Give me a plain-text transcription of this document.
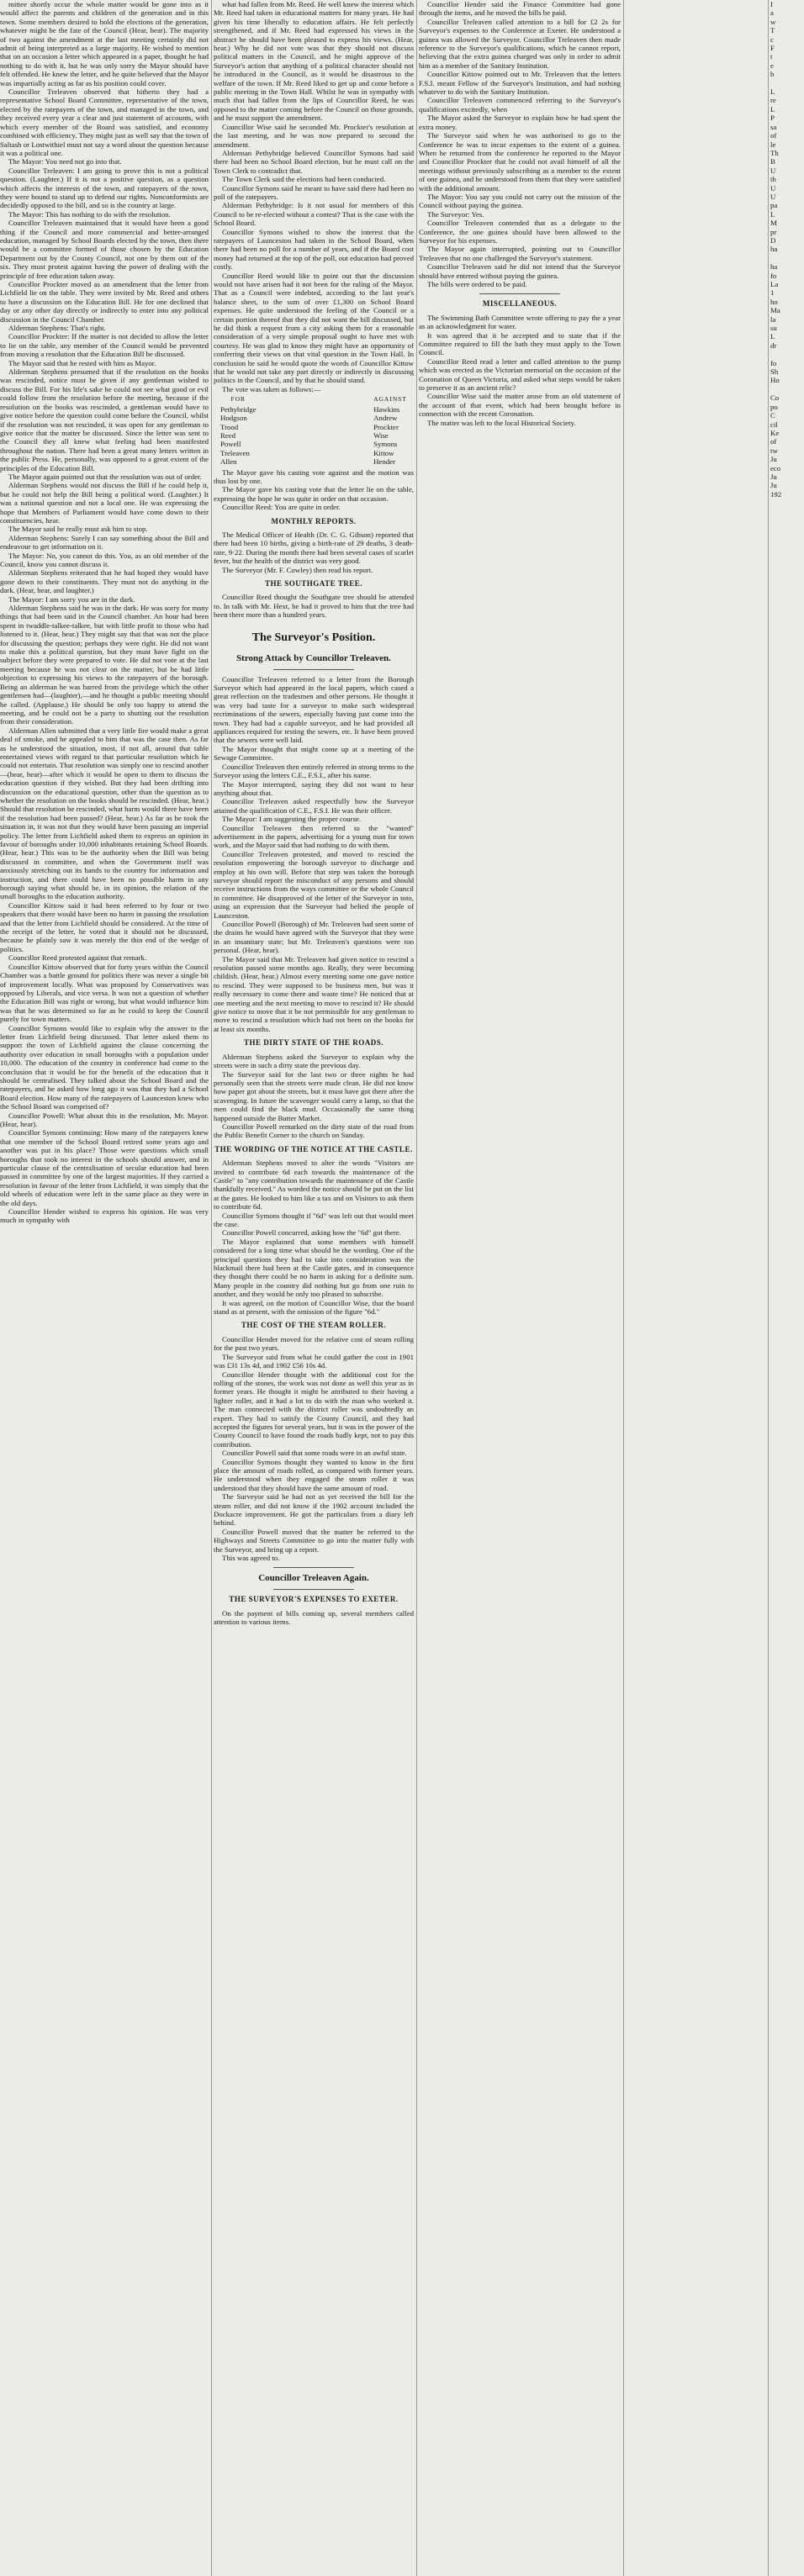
mittee shortly occur the whole matter would be gone into as it would affect the parents and children of the generation and in this town. Some members desired to hold the elections of the generation, whatever might be the fate of the Council (Hear, hear). The majority of two against the amendment at the last meeting certainly did not admit of being interpreted as a large majority. He wished to mention that on an occasion a letter which appeared in a paper, thought he had nothing to do with it, but he was only sorry the Mayor should have felt offended. He knew the letter, and he quite believed that the Mayor was impartially acting as far as his position could cover.

Councillor Treleaven observed that hitherto they had a representative School Board Committee, representative of the town, elected by the ratepayers of the town, and managed in the town, and they received every year a clear and just statement of accounts, with which every member of the Board was satisfied, and economy combined with efficiency. They might just as well say that the town of Saltash or Lostwithiel must not say a word about the question because it was a political one.

The Mayor: You need not go into that.

Councillor Treleaven: I am going to prove this is not a political question. (Laughter.) If it is not a positive question, as a question which affects the interests of the town, and ratepayers of the town, they were bound to stand up to defend our rights. Nonconformists are decidedly opposed to the bill, and so is the country at large.

The Mayor: This has nothing to do with the resolution.

Councillor Treleaven maintained that it would have been a good thing if the Council and more commercial and better-arranged education, managed by School Boards elected by the town, then there would be a committee formed of those chosen by the Education Department out by the County Council, not one by them out of the six. They must protest against having the power of dealing with the principle of free education taken away.

Councillor Prockter moved as an amendment that the letter from Lichfield lie on the table. They were invited by Mr. Reed and others to have a discussion on the Education Bill. He for one declined that day or any other day directly or indirectly to enter into any political discussion in the Council Chamber.

Alderman Stephens: That's right.

Councillor Prockter: If the matter is not decided to allow the letter to lie on the table, any member of the Council would be prevented from moving a resolution that the Education Bill be discussed.

The Mayor said that he rested with him as Mayor.

Alderman Stephens presumed that if the resolution on the books was rescinded, notice must be given if any gentleman wished to discuss the Bill. For his life's sake he could not see what good or evil could follow from the resolution before the meeting, because if the resolution on the books was rescinded, a gentleman would have to give notice before the question could come before the Council, whilst if the resolution was not rescinded, it was open for any gentleman to give notice that the matter be discussed. Since the letter was sent to the Council they all knew what feeling had been manifested throughout the nation. There had been a great many letters written in the public Press. He, personally, was opposed to a great extent of the principles of the Education Bill.

The Mayor again pointed out that the resolution was out of order.

Alderman Stephens would not discuss the Bill if he could help it, but he could not help the Bill being a political word. (Laughter.) It was a national question and not a local one. He was expressing the hope that Members of Parliament would have come down to their constituencies, hear.

The Mayor said he really must ask him to stop.

Alderman Stephens: Surely I can say something about the Bill and endeavour to get information on it.

The Mayor: No, you cannot do this. You, as an old member of the Council, know you cannot discuss it.

Alderman Stephens reiterated that he had hoped they would have gone down to their constituents. They must not do anything in the dark. (Hear, hear, and laughter.)

The Mayor: I am sorry you are in the dark.

Alderman Stephens said he was in the dark. He was sorry for many things that had been said in the Council chamber. An hour had been spent in twaddle-talkee-talkee, but with little profit to those who had listened to it. (Hear, hear.) They might say that that was not the place for discussing the question; perhaps they were right. He did not want to make this a political question, but they must have fight on the subject before they were prepared to vote. He did not vote at the last meeting because he was not clear on the matter, but he had little objection to expressing his views to the ratepayers of the borough. Being an alderman he was barred from the privilege which the other gentlemen had—(laughter),—and he thought a public meeting should be called. (Applause.) He should be only too happy to attend the meeting, and he could not be a party to shutting out the resolution from their consideration.

Alderman Allen submitted that a very little fire would make a great deal of smoke, and he appealed to him that was the case then. As far as he understood the situation, most, if not all, around that table entertained views with regard to that particular resolution which he could not entertain. That resolution was simply one to rescind another—(hear, hear)—after which it would be open to them to discuss the education question if they wished. But they had been drifting into discussion on the educational question, other than the question as to whether the resolution on the books should be rescinded. (Hear, hear.) Should that resolution be rescinded, what harm would there have been if the resolution had been passed? (Hear, hear.) As far as he took the situation in, it was not that they would have been passing an imperial policy. The letter from Lichfield asked them to express an opinion in favour of boroughs under 10,000 inhabitants retaining School Boards. (Hear, hear.) This was to be the authority when the Bill was being discussed in committee, and when the Government itself was anxiously stretching out its hands to the country for information and instruction, and there could have been no possible harm in any borough saying what should be, in its opinion, the relation of the small boroughs to the education authority.

Councillor Kittow said it had been referred to by four or two speakers that there would have been no harm in passing the resolution and that the letter from Lichfield should be considered. At the time of the receipt of the letter, he voted that it should not be discussed, because he plainly saw it was merely the thin end of the wedge of politics.

Councillor Reed protested against that remark.

Councillor Kittow observed that for forty years within the Council Chamber was a battle ground for politics there was never a single bit of improvement locally. What was proposed by Conservatives was opposed by Liberals, and vice versa. It was not a question of whether the Education Bill was right or wrong, but what would influence him was that he was determined so far as he could to keep the Council purely for town matters.

Councillor Symons would like to explain why the answer to the letter from Lichfield being discussed. That letter asked them to support the town of Lichfield against the clause concerning the authority over education in small boroughs with a population under 10,000. The education of the country in conference had come to the conclusion that it would be for the benefit of the education that it should be centralised. They talked about the School Board and the ratepayers, and he asked how long ago it was that they had a School Board election. How many of the ratepayers of Launceston knew who the School Board was comprised of?

Councillor Powell: What about this in the resolution, Mr. Mayor. (Hear, hear).

Councillor Symons continuing: How many of the ratepayers knew that one member of the School Board retired some years ago and another was put in his place? Those were questions which small boroughs that took no interest in the schools should answer, and in particular clause of the centralisation of secular education had been passed in committee by one of the largest majorities. If they carried a resolution in favour of the letter from Lichfield, it was simply that the old wheels of education were left in the same place as they were in the old days.

Councillor Hender wished to express his opinion. He was very much in sympathy with

what had fallen from Mr. Reed. He well knew the interest which Mr. Reed had taken in educational matters for many years. He had given his time liberally to education affairs. He felt perfectly strengthened, and if Mr. Reed had expressed his views in the abstract he should have been pleased to express his views. (Hear, hear.) Why he did not vote was that they should not discuss political matters in the Council, and he might approve of the Surveyor's action that anything of a political character should not be introduced in the Council, as it would be disastrous to the welfare of the town. If Mr. Reed liked to get up and come before a public meeting in the Town Hall. Whilst he was in sympathy with much that had fallen from the lips of Councillor Reed, he was opposed to the matter coming before the Council on those grounds, and he must support the amendment.

Councillor Wise said he seconded Mr. Prockter's resolution at the last meeting, and he was now prepared to second the amendment.

Alderman Pethybridge believed Councillor Symons had said there had been no School Board election, but he must call on the Town Clerk to contradict that.

The Town Clerk said the elections had been conducted.

Councillor Symons said he meant to have said there had been no poll of the ratepayers.

Alderman Pethybridge: Is it not usual for members of this Council to be re-elected without a contest? That is the case with the School Board.

Councillor Symons wished to show the interest that the ratepayers of Launceston had taken in the School Board, when there had been no poll for a number of years, and if the Board cost money had returned at the top of the poll, out education had proved costly.

Councillor Reed would like to point out that the discussion would not have arisen had it not been for the ruling of the Mayor. That as a Council were indebted, according to the last year's balance sheet, to the sum of over £1,300 on School Board expenses. He quite understood the feeling of the Council or a certain portion thereof that they did not want the bill discussed, but he did think a request from a city asking them for a reasonable consideration of a very simple proposal ought to have met with courtesy. He was glad to know they might have an opportunity of conferring their views on that vital question in the Town Hall. In conclusion he said he would quote the words of Councillor Kittow that he would not take any part directly or indirectly in discussing politics in the Council, and by that he should stand.

The vote was taken as follows:—

FOR
Pethybridge
Hodgson
Trood
Reed
Powell
Treleaven
Allen
AGAINST
Hawkins
Andrew
Prockter
Wise
Symons
Kittow
Hender

The Mayor gave his casting vote against and the motion was thus lost by one.

The Mayor gave his casting vote that the letter lie on the table, expressing the hope he was quite in order on that occasion.

Councillor Reed: You are quite in order.

MONTHLY REPORTS.

The Medical Officer of Health (Dr. C. G. Gibson) reported that there had been 10 births, giving a birth-rate of 29 deaths, 3 death-rate, 9·22. During the month there had been several cases of scarlet fever, but the health of the district was very good.

The Surveyor (Mr. F. Cowley) then read his report.

THE SOUTHGATE TREE.

Councillor Reed thought the Southgate tree should be attended to. In talk with Mr. Hext, he had it proved to him that the tree had been there more than a hundred years.

The Surveyor's Position.

Strong Attack by Councillor Treleaven.

Councillor Treleaven referred to a letter from the Borough Surveyor which had appeared in the local papers, which cased a great reflection on the tradesmen and other persons. He thought it was very bad taste for a surveyor to make such widespread recriminations of the sewers, especially having just come into the town. They had had a capable surveyor, and he had provided all appliances required for testing the sewers, etc. It have been proved that the sewers were well laid.

The Mayor thought that might come up at a meeting of the Sewage Committee.

Councillor Treleaven then entirely referred in strong terms to the Surveyor using the letters C.E., F.S.I., after his name.

The Mayor interrupted, saying they did not want to hear anything about that.

Councillor Treleaven asked respectfully how the Surveyor attained the qualification of C.E., F.S.I. He was their officer.

The Mayor: I am suggesting the proper course.

Councillor Treleaven then referred to the "wanted" advertisement in the papers, advertising for a young man for town work, and the Mayor said that had nothing to do with them.

Councillor Treleaven protested, and moved to rescind the resolution empowering the borough surveyor to discharge and employ at his own will. Before that step was taken the borough surveyor should report the misconduct of any persons and should receive instructions from the ways committee or the whole Council in committee. He disapproved of the letter of the Surveyor in toto, using an expression that the Surveyor had belied the people of Launceston.

Councillor Powell (Borough) of Mr. Treleaven had seen some of the drains he would have agreed with the Surveyor that they were in an insanitary state; but Mr. Treleaven's questions were too personal. (Hear, hear).

The Mayor said that Mr. Treleaven had given notice to rescind a resolution passed some months ago. Really, they were becoming childish. (Hear, hear.) Almost every meeting some one gave notice to rescind. They were supposed to be business men, but was it really necessary to come there and waste time? He noticed that at one meeting and the next meeting to move to rescind it? He should give notice to move that it be not permissible for any gentleman to move to rescind a resolution which had not been on the books for at least six months.

THE DIRTY STATE OF THE ROADS.

Alderman Stephens asked the Surveyor to explain why the streets were in such a dirty state the previous day.

The Surveyor said for the last two or three nights he had personally seen that the streets were made clean. He did not know how paper got about the streets, but it must have got there after the scavenging. In future the scavenger would carry a lamp, so that the men could find the black mud. Occasionally the same thing happened outside the Butter Market.

Councillor Powell remarked on the dirty state of the road from the Public Benefit Corner to the church on Sunday.

THE WORDING OF THE NOTICE AT THE CASTLE.

Alderman Stephens moved to alter the words "Visitors are invited to contribute 6d each towards the maintenance of the Castle" to "any contribution towards the maintenance of the Castle thankfully received." As worded the notice should be put on the list at the gates. He looked to him like a tax and on Visitors to ask them to contribute 6d.

Councillor Symons thought if "6d" was left out that would meet the case.

Councillor Powell concurred, asking how the "6d" got there.

The Mayor explained that some members with himself considered for a long time what should be the wording. One of the principal questions they had to take into consideration was the blackmail there had been at the Castle gates, and in consequence they thought there could be no harm in asking for a definite sum. Many people in the country did nothing but go from one ruin to another, and they would be only too pleased to subscribe.

It was agreed, on the motion of Councillor Wise, that the board stand as at present, with the omission of the figure "6d."

THE COST OF THE STEAM ROLLER.

Councillor Hender moved for the relative cost of steam rolling for the past two years.

The Surveyor said from what he could gather the cost in 1901 was £31 13s 4d, and 1902 £56 10s 4d.

Councillor Hender thought with the additional cost for the rolling of the stones, the work was not done as well this year as in former years. He thought it might be attributed to their having a lighter roller, and it had a lot to do with the man who worked it. The man connected with the district roller was undoubtedly an expert. They had to satisfy the County Council, and they had accepted the figures for several years, but it was in the power of the County Council to have found the roads badly kept, not to pay this contribution.

Councillor Powell said that some roads were in an awful state.

Councillor Symons thought they wanted to know in the first place the amount of roads rolled, as compared with former years. He understood when they engaged the steam roller it was understood that they should have the same amount of road.

The Surveyor said he had not as yet received the bill for the steam roller, and did not know if the 1902 account included the Dockacre improvement. He got the particulars from a diary left behind.

Councillor Powell moved that the matter be referred to the Highways and Streets Committee to go into the matter fully with the Surveyor, and bring up a report.

This was agreed to.

Councillor Treleaven Again.

THE SURVEYOR'S EXPENSES TO EXETER.

On the payment of bills coming up, several members called attention to various items.

Councillor Hender said the Finance Committee had gone through the items, and he moved the bills be paid.

Councillor Treleaven called attention to a bill for £2 2s for Surveyor's expenses to the Conference at Exeter. He understood a guinea was allowed the Surveyor. Councillor Treleaven then made reference to the Surveyor's qualifications, which he cannot report, believing that the extra guinea charged was only in order to admit him as a member of the Sanitary Institution.

Councillor Kittow pointed out to Mr. Treleaven that the letters F.S.I. meant Fellow of the Surveyor's Institution, and had nothing whatever to do with the Sanitary Institution.

Councillor Treleaven commenced referring to the Surveyor's qualifications excitedly, when

The Mayor asked the Surveyor to explain how he had spent the extra money.

The Surveyor said when he was authorised to go to the Conference he was to incur expenses to the extent of a guinea. When he returned from the conference he reported to the Mayor and Councillor Prockter that he could not avail himself of all the meetings without previously subscribing as a member to the extent of one guinea, and he understood from them that they were satisfied with the additional amount.

The Mayor: You say you could not carry out the mission of the Council without paying the guinea.

The Surveyor: Yes.

Councillor Treleaven contended that as a delegate to the Conference, the one guinea should have been allowed to the Surveyor for his expenses.

The Mayor again interrupted, pointing out to Councillor Treleaven that no one challenged the Surveyor's statement.

Councillor Treleaven said he did not intend that the Surveyor should have entered without paying the guinea.

The bills were ordered to be paid.

MISCELLANEOUS.

The Swimming Bath Committee wrote offering to pay the a year as an acknowledgment for water.

It was agreed that it be accepted and to state that if the Committee required to fill the bath they must apply to the Town Council.

Councillor Reed read a letter and called attention to the pump which was erected as the Victorian memorial on the occasion of the Coronation of Queen Victoria, and asked what steps would be taken to preserve it as an ancient relic?

Councillor Wise said the matter arose from an old statement of the account of that event, which had been brought before in connection with the recent Coronation.

The matter was left to the local Historical Society.

I
a
w
T
c
F
t
e
b

L
re
L
P
sa
of
le
Th
B
U
th
U
U
pa
L
M
pr
D
ha

ha
fo
La
1
ho
Ma
la
su
L
dr

fo
Sh
Ho

Co
po
C
cil
Ke
of
tw
Ju
eco
Ju
Ju
192
